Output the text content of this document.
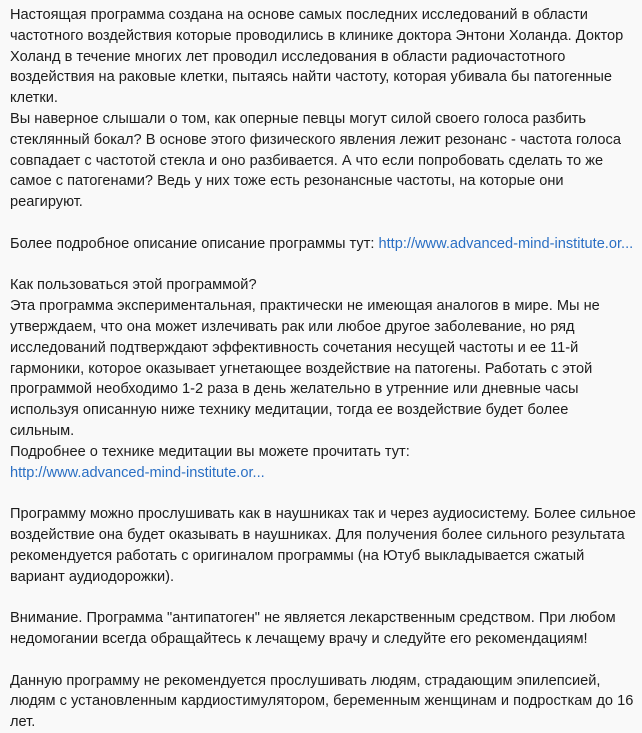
Настоящая программа создана на основе самых последних исследований в области

частотного воздействия которые проводились в клинике доктора Энтони Холанда. Доктор

Холанд в течение многих лет проводил исследования в области радиочастотного

воздействия на раковые клетки, пытаясь найти частоту, которая убивала бы патогенные

клетки.

Вы наверное слышали о том, как оперные певцы могут силой своего голоса разбить

стеклянный бокал? В основе этого физического явления лежит резонанс - частота голоса

совпадает с частотой стекла и оно разбивается. А что если попробовать сделать то же

самое с патогенами? Ведь у них тоже есть резонансные частоты, на которые они реагируют.

Более подробное описание описание программы тут: http://www.advanced-mind-institute.or...

Как пользоваться этой программой?

Эта программа экспериментальная, практически не имеющая аналогов в мире. Мы не

утверждаем, что она может излечивать рак или любое другое заболевание, но ряд

исследований подтверждают эффективность сочетания несущей частоты и ее 11-й

гармоники, которое оказывает угнетающее воздействие на патогены. Работать с этой

программой необходимо 1-2 раза в день желательно в утренние или дневные часы

используя описанную ниже технику медитации, тогда ее воздействие будет более сильным.

Подробнее о технике медитации вы можете прочитать тут:

http://www.advanced-mind-institute.or...

Программу можно прослушивать как в наушниках так и через аудиосистему. Более сильное

воздействие она будет оказывать в наушниках. Для получения более сильного результата

рекомендуется работать с оригиналом программы (на Ютуб выкладывается сжатый

вариант аудиодорожки).

Внимание. Программа "антипатоген" не является лекарственным средством. При любом

недомогании всегда обращайтесь к лечащему врачу и следуйте его рекомендациям!

Данную программу не рекомендуется прослушивать людям, страдающим эпилепсией,

людям с установленным кардиостимулятором, беременным женщинам и подросткам до 16

лет.
